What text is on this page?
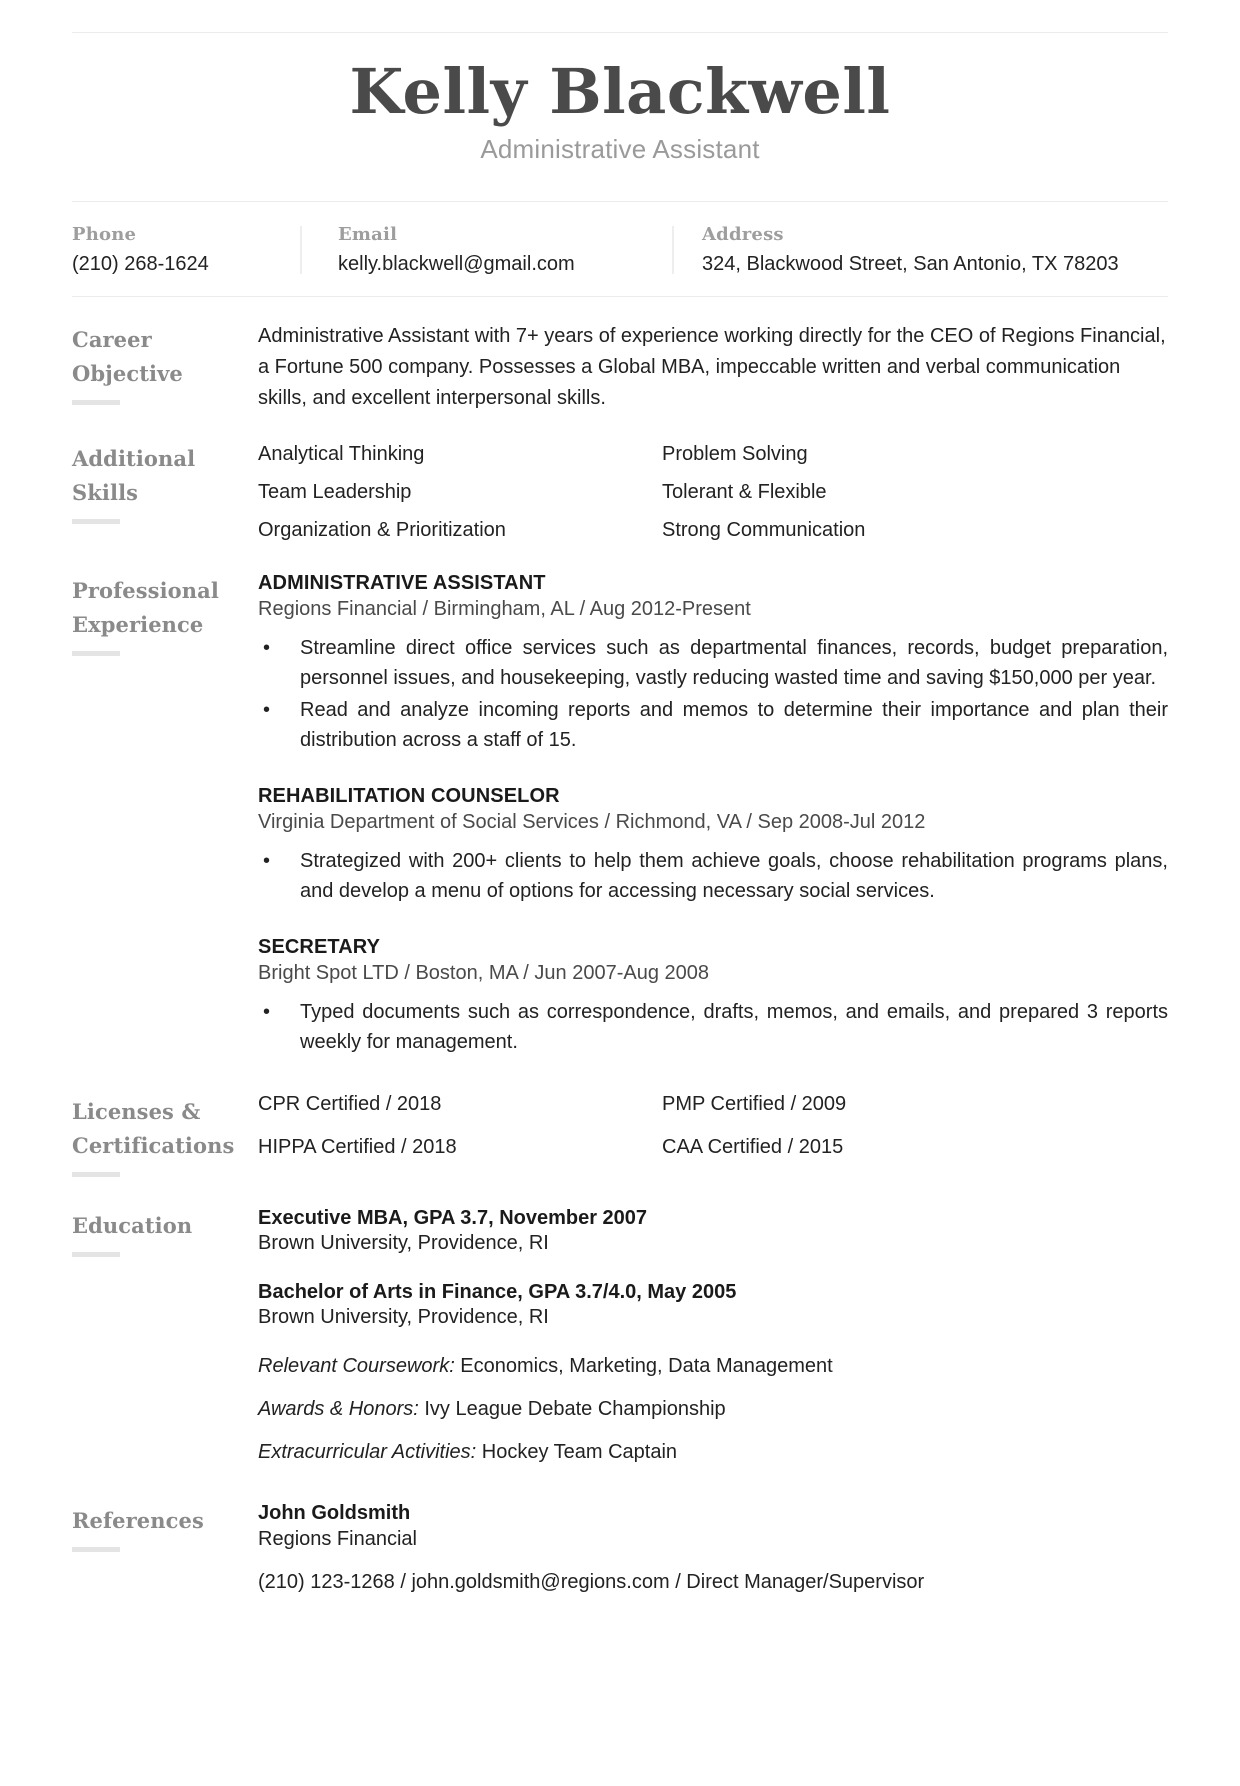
Kelly Blackwell
Administrative Assistant
Phone
(210) 268-1624
Email
kelly.blackwell@gmail.com
Address
324, Blackwood Street, San Antonio, TX 78203
Career
Objective
Administrative Assistant with 7+ years of experience working directly for the CEO of Regions Financial, a Fortune 500 company. Possesses a Global MBA, impeccable written and verbal communication skills, and excellent interpersonal skills.
Additional
Skills
Analytical Thinking	Problem Solving
Team Leadership	Tolerant & Flexible
Organization & Prioritization	Strong Communication
Professional
Experience
ADMINISTRATIVE ASSISTANT
Regions Financial / Birmingham, AL / Aug 2012-Present
• Streamline direct office services such as departmental finances, records, budget preparation, personnel issues, and housekeeping, vastly reducing wasted time and saving $150,000 per year.
• Read and analyze incoming reports and memos to determine their importance and plan their distribution across a staff of 15.
REHABILITATION COUNSELOR
Virginia Department of Social Services / Richmond, VA / Sep 2008-Jul 2012
• Strategized with 200+ clients to help them achieve goals, choose rehabilitation programs plans, and develop a menu of options for accessing necessary social services.
SECRETARY
Bright Spot LTD / Boston, MA / Jun 2007-Aug 2008
• Typed documents such as correspondence, drafts, memos, and emails, and prepared 3 reports weekly for management.
Licenses &
Certifications
CPR Certified / 2018	PMP Certified / 2009
HIPPA Certified / 2018	CAA Certified / 2015
Education	Executive MBA, GPA 3.7, November 2007
Brown University, Providence, RI
Bachelor of Arts in Finance, GPA 3.7/4.0, May 2005
Brown University, Providence, RI
Relevant Coursework: Economics, Marketing, Data Management
Awards & Honors: Ivy League Debate Championship
Extracurricular Activities: Hockey Team Captain
References	John Goldsmith
Regions Financial
(210) 123-1268 / john.goldsmith@regions.com / Direct Manager/Supervisor
